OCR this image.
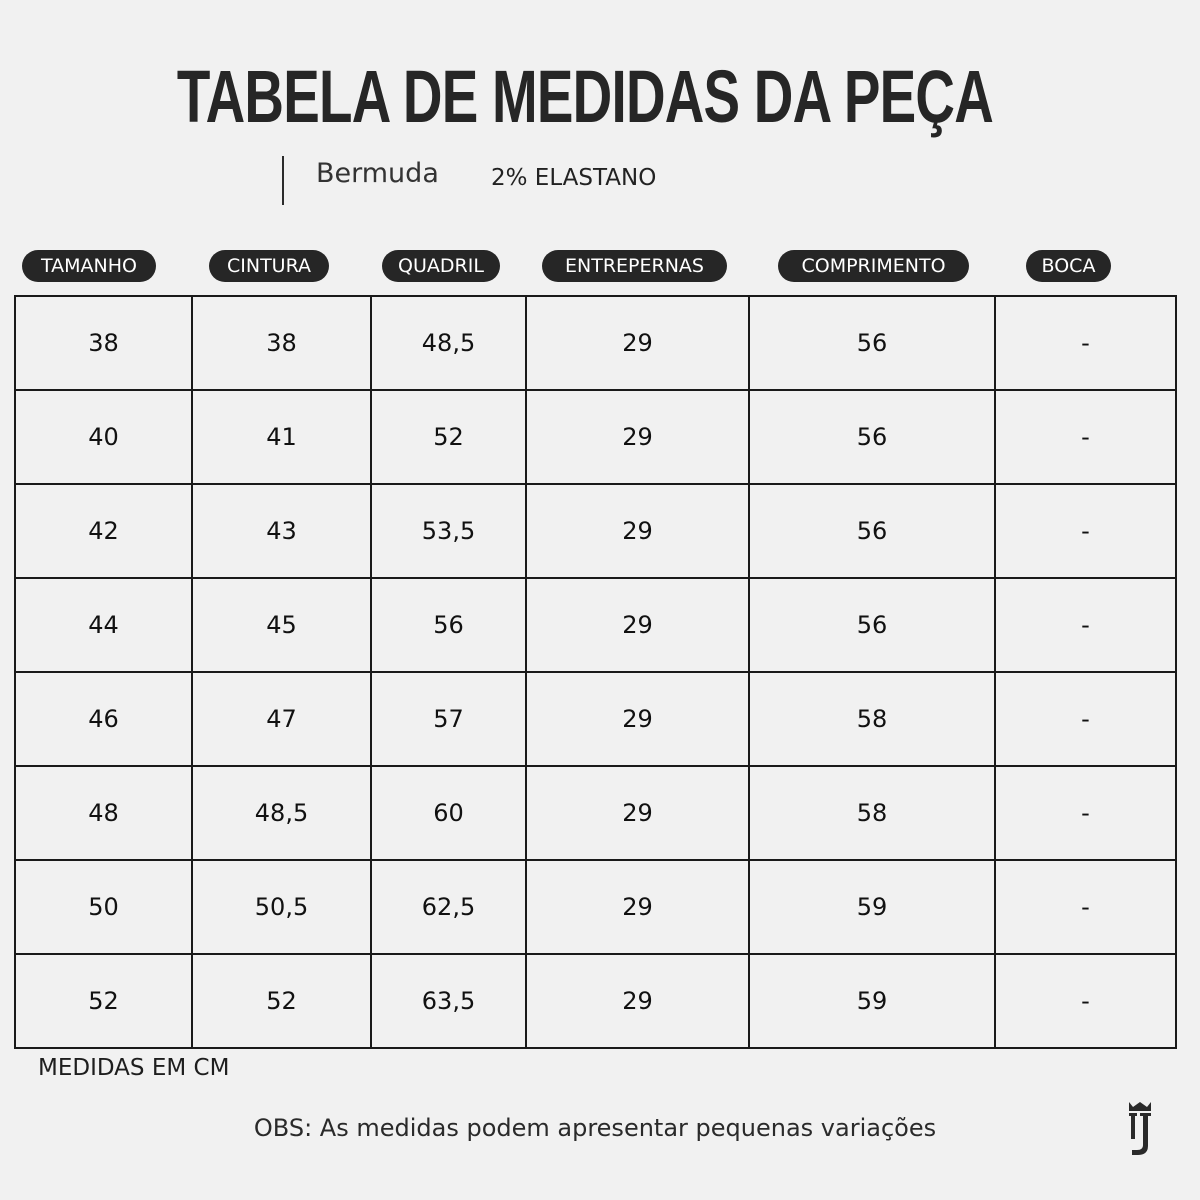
TABELA DE MEDIDAS DA PEÇA
Bermuda 2% ELASTANO
TAMANHO	CINTURA	QUADRIL	ENTREPERNAS	COMPRIMENTO	BOCA
38	38	48,5	29	56	-
40	41	52	29	56	-
42	43	53,5	29	56	-
44	45	56	29	56	-
46	47	57	29	58	-
48	48,5	60	29	58	-
50	50,5	62,5	29	59	-
52	52	63,5	29	59	-
MEDIDAS EM CM
OBS: As medidas podem apresentar pequenas variações
